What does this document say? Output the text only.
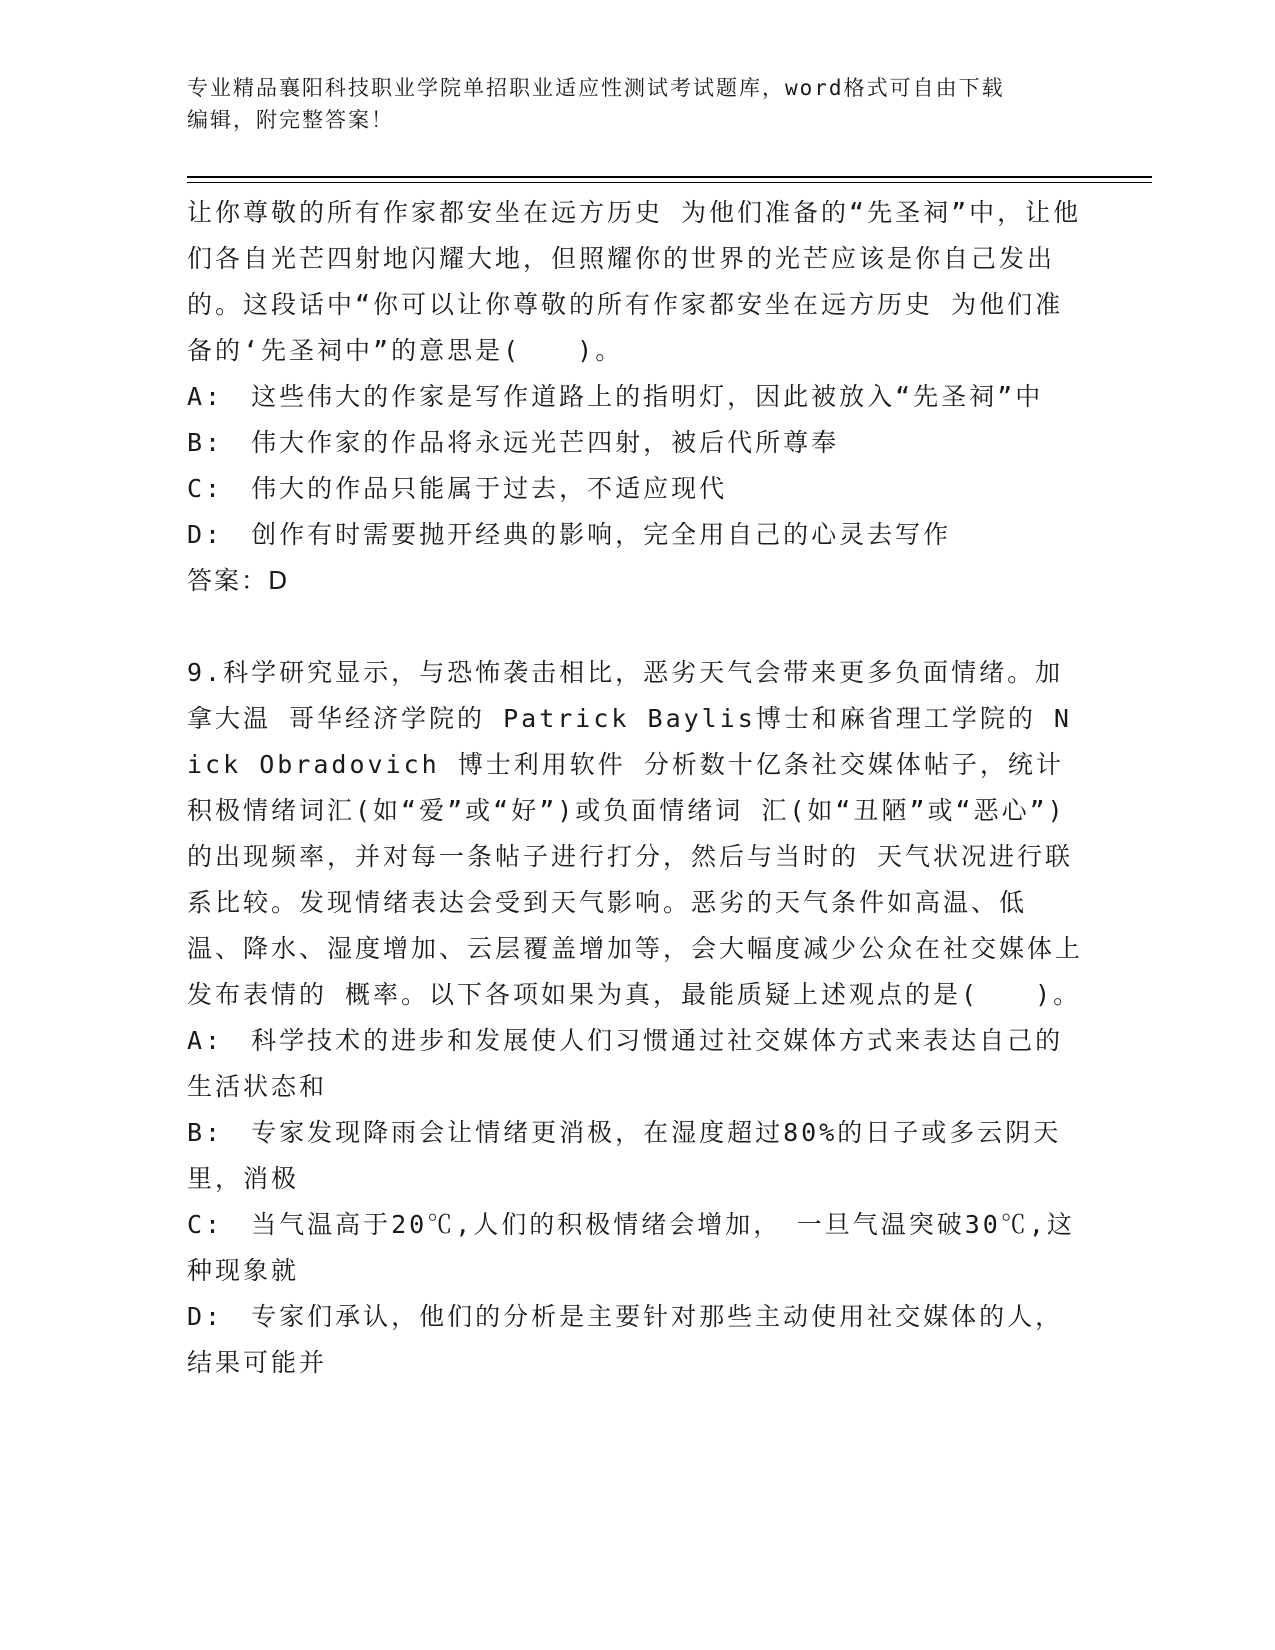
专业精品襄阳科技职业学院单招职业适应性测试考试题库，word格式可自由下载
编辑，附完整答案！

让你尊敬的所有作家都安坐在远方历史 为他们准备的“先圣祠”中，让他们各自光芒四射地闪耀大地，但照耀你的世界的光芒应该是你自己发出的。这段话中“你可以让你尊敬的所有作家都安坐在远方历史 为他们准备的‘先圣祠中”的意思是(　　)。

A:　这些伟大的作家是写作道路上的指明灯，因此被放入“先圣祠”中

B:　伟大作家的作品将永远光芒四射，被后代所尊奉

C:　伟大的作品只能属于过去，不适应现代

D:　创作有时需要抛开经典的影响，完全用自己的心灵去写作

答案：D

9.科学研究显示，与恐怖袭击相比，恶劣天气会带来更多负面情绪。加拿大温 哥华经济学院的 Patrick Baylis博士和麻省理工学院的 Nick Obradovich 博士利用软件 分析数十亿条社交媒体帖子，统计积极情绪词汇(如“爱”或“好”)或负面情绪词 汇(如“丑陋”或“恶心”)的出现频率，并对每一条帖子进行打分，然后与当时的 天气状况进行联系比较。发现情绪表达会受到天气影响。恶劣的天气条件如高温、低 温、降水、湿度增加、云层覆盖增加等，会大幅度减少公众在社交媒体上发布表情的 概率。以下各项如果为真，最能质疑上述观点的是(　　)。

A:　科学技术的进步和发展使人们习惯通过社交媒体方式来表达自己的生活状态和

B:　专家发现降雨会让情绪更消极，在湿度超过80%的日子或多云阴天里，消极

C:　当气温高于20℃,人们的积极情绪会增加，　一旦气温突破30℃,这种现象就

D:　专家们承认，他们的分析是主要针对那些主动使用社交媒体的人，结果可能并
